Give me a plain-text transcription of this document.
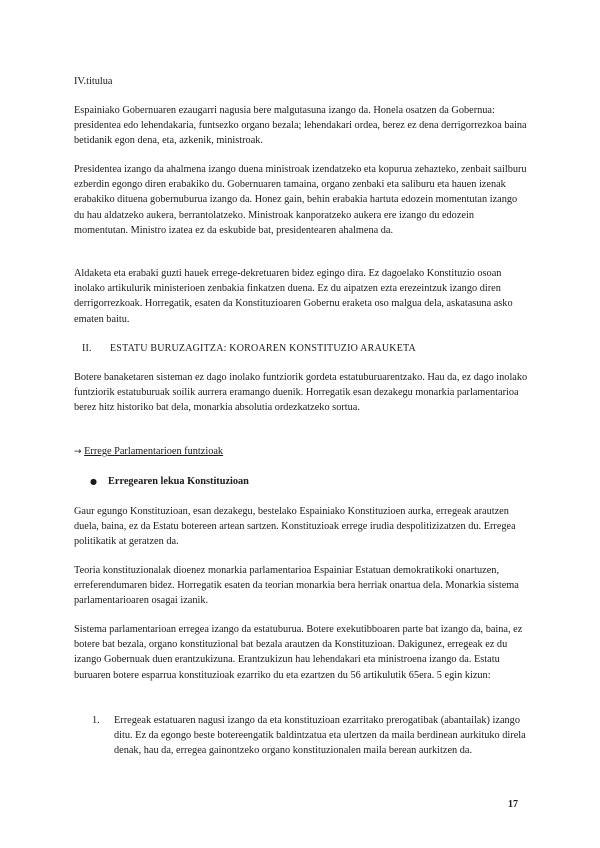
IV.titulua

Espainiako Gobernuaren ezaugarri nagusia bere malgutasuna izango da. Honela osatzen da Gobernua: presidentea edo lehendakaria, funtsezko organo bezala; lehendakari ordea, berez ez dena derrigorrezkoa baina betidanik egon dena, eta, azkenik, ministroak.

Presidentea izango da ahalmena izango duena ministroak izendatzeko eta kopurua zehazteko, zenbait sailburu ezberdin egongo diren erabakiko du. Gobernuaren tamaina, organo zenbaki eta saliburu eta hauen izenak erabakiko dituena gobernuburua izango da. Honez gain, behin erabakia hartuta edozein momentutan izango du hau aldatzeko aukera, berrantolatzeko. Ministroak kanporatzeko aukera ere izango du edozein momentutan. Ministro izatea ez da eskubide bat, presidentearen ahalmena da.

Aldaketa eta erabaki guzti hauek errege-dekretuaren bidez egingo dira. Ez dagoelako Konstituzio osoan inolako artikulurik ministerioen zenbakia finkatzen duena. Ez du aipatzen ezta erezeintzuk izango diren derrigorrezkoak. Horregatik, esaten da Konstituzioaren Gobernu eraketa oso malgua dela, askatasuna asko ematen baitu.

II. ESTATU BURUZAGITZA: KOROAREN KONSTITUZIO ARAUKETA

Botere banaketaren sisteman ez dago inolako funtziorik gordeta estatuburuarentzako. Hau da, ez dago inolako funtziorik estatuburuak soilik aurrera eramango duenik. Horregatik esan dezakegu monarkia parlamentarioa berez hitz historiko bat dela, monarkia absolutia ordezkatzeko sortua.

→ Errege Parlamentarioen funtzioak
● Erregearen lekua Konstituzioan

Gaur egungo Konstituzioan, esan dezakegu, bestelako Espainiako Konstituzioen aurka, erregeak arautzen duela, baina, ez da Estatu botereen artean sartzen. Konstituzioak errege irudia despolitizizatzen du. Erregea politikatik at geratzen da.

Teoria konstituzionalak dioenez monarkia parlamentarioa Espainiar Estatuan demokratikoki onartuzen, erreferendumaren bidez. Horregatik esaten da teorian monarkia bera herriak onartua dela. Monarkia sistema parlamentarioaren osagai izanik.

Sistema parlamentarioan erregea izango da estatuburua. Botere exekutibboaren parte bat izango da, baina, ez botere bat bezala, organo konstituzional bat bezala arautzen da Konstituzioan. Dakigunez, erregeak ez du izango Gobernuak duen erantzukizuna. Erantzukizun hau lehendakari eta ministroena izango da. Estatu buruaren botere esparrua konstituzioak ezarriko du eta ezartzen du 56 artikulutik 65era. 5 egin kizun:

1. Erregeak estatuaren nagusi izango da eta konstituzioan ezarritako prerogatibak (abantailak) izango ditu. Ez da egongo beste botereengatik baldintzatua eta ulertzen da maila berdinean aurkituko direla denak, hau da, erregea gainontzeko organo konstituzionalen maila berean aurkitzen da.
17
